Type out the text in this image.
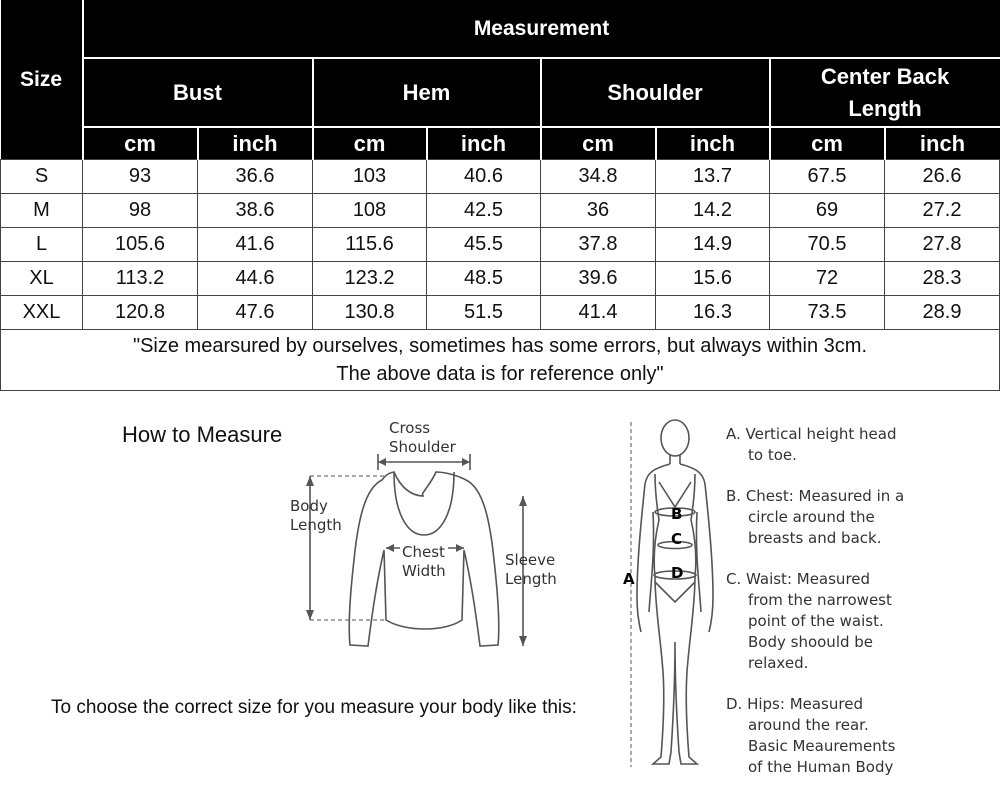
Size	Measurement							
	Bust		Hem		Shoulder		Center Back
Length	
	cm	inch	cm	inch	cm	inch	cm	inch
S	93	36.6	103	40.6	34.8	13.7	67.5	26.6
M	98	38.6	108	42.5	36	14.2	69	27.2
L	105.6	41.6	115.6	45.5	37.8	14.9	70.5	27.8
XL	113.2	44.6	123.2	48.5	39.6	15.6	72	28.3
XXL	120.8	47.6	130.8	51.5	41.4	16.3	73.5	28.9
"Size mearsured by ourselves, sometimes has some errors, but always within 3cm.
The above data is for reference only"								
How to Measure	Cross
Shoulder
Body
Length
Chest
Width
Sleeve
Length
To choose the correct size for you measure your body like this:
A
B
C
D
A. Vertical height head
to toe.
B. Chest: Measured in a
circle around the
breasts and back.
C. Waist: Measured
from the narrowest
point of the waist.
Body shoould be
relaxed.
D. Hips: Measured
around the rear.
Basic Meaurements
of the Human Body
